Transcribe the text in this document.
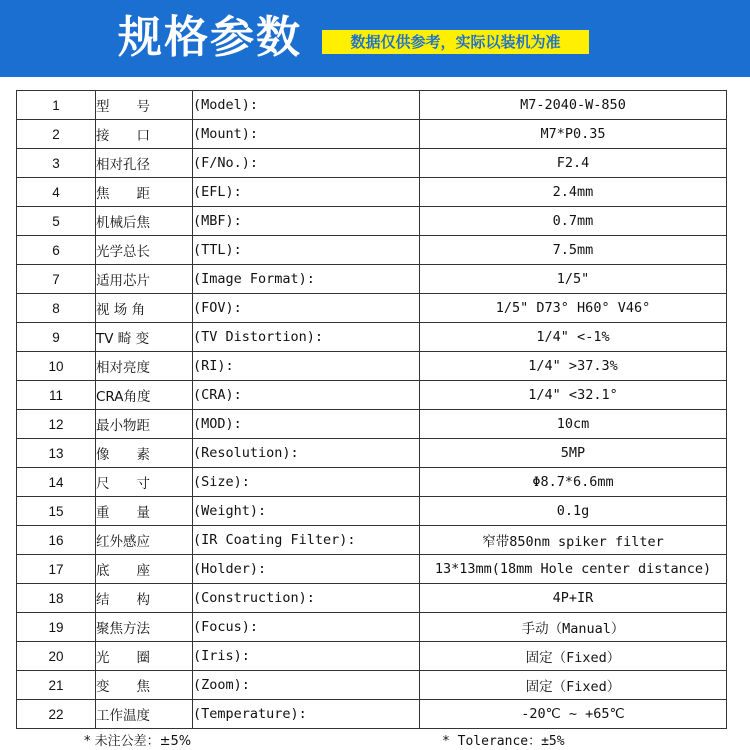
规格参数	数据仅供参考，实际以装机为准
1	型　　号	(Model):	M7-2040-W-850
2	接　　口	(Mount):	M7*P0.35
3	相对孔径	(F/No.):	F2.4
4	焦　　距	(EFL):	2.4mm
5	机械后焦	(MBF):	0.7mm
6	光学总长	(TTL):	7.5mm
7	适用芯片	(Image Format):	1/5"
8	视 场 角	(FOV):	1/5" D73° H60° V46°
9	TV 畸 变	(TV Distortion):	1/4" <-1%
10	相对亮度	(RI):	1/4" >37.3%
11	CRA角度	(CRA):	1/4" <32.1°
12	最小物距	(MOD):	10cm
13	像　　素	(Resolution):	5MP
14	尺　　寸	(Size):	Φ8.7*6.6mm
15	重　　量	(Weight):	0.1g
16	红外感应	(IR Coating Filter):	窄带850nm spiker filter
17	底　　座	(Holder):	13*13mm(18mm Hole center distance)
18	结　　构	(Construction):	4P+IR
19	聚焦方法	(Focus):	手动（Manual）
20	光　　圈	(Iris):	固定（Fixed）
21	变　　焦	(Zoom):	固定（Fixed）
22	工作温度	(Temperature):	-20℃ ~ +65℃
* 未注公差：±5%	* Tolerance：±5%
